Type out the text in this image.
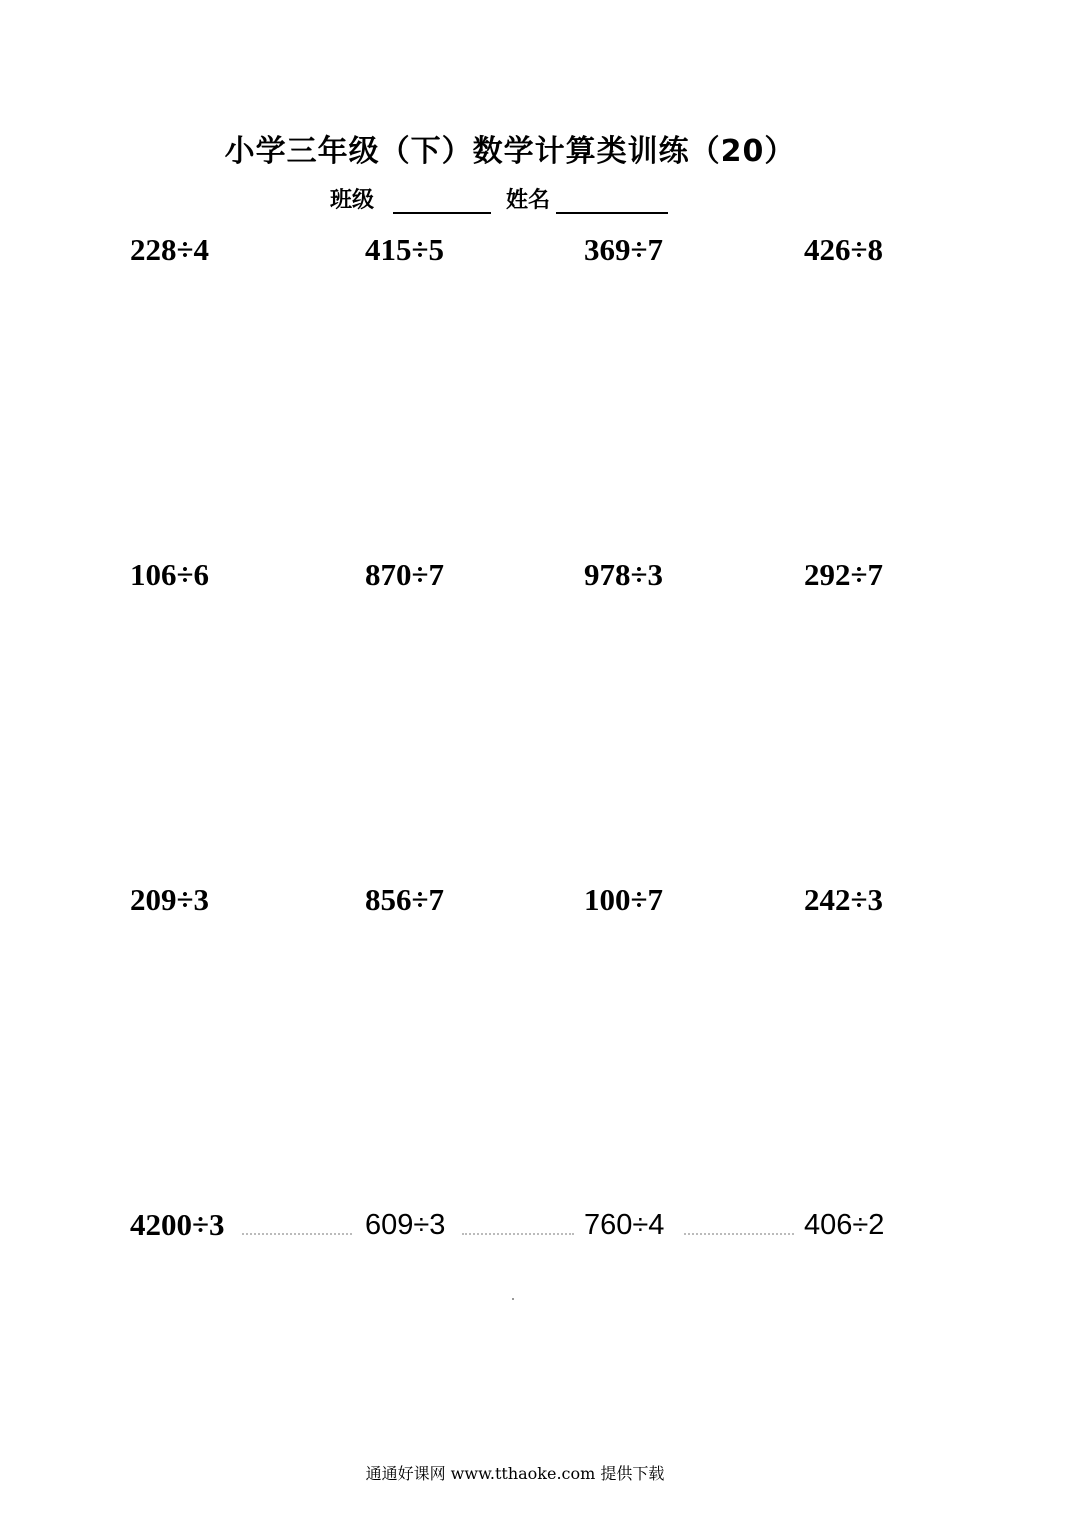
小学三年级（下）数学计算类训练（20）
班级	姓名
228÷4	415÷5	369÷7	426÷8
106÷6	870÷7	978÷3	292÷7
209÷3	856÷7	100÷7	242÷3
4200÷3	609÷3	760÷4	406÷2
通通好课网 www.tthaoke.com 提供下载
